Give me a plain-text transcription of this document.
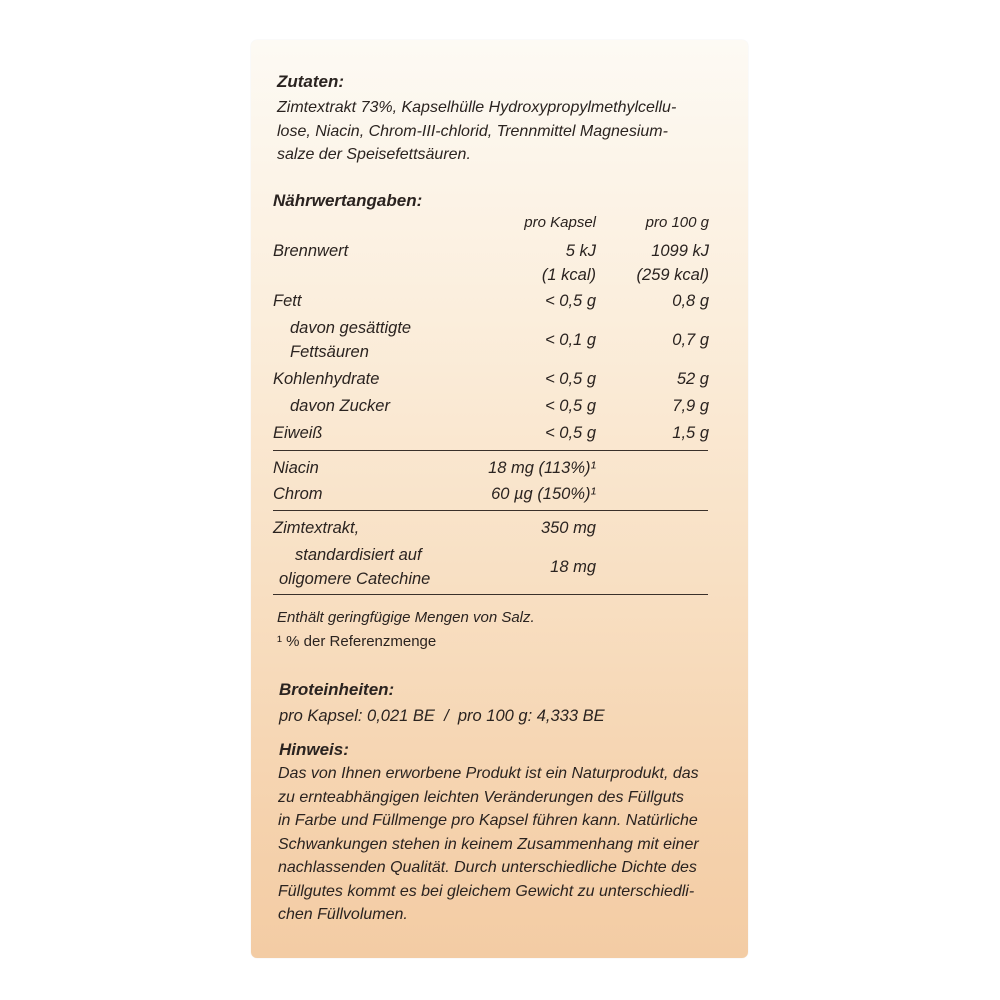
Zutaten:
Zimtextrakt 73%, Kapselhülle Hydroxypropylmethylcellu-
lose, Niacin, Chrom-III-chlorid, Trennmittel Magnesium-
salze der Speisefettsäuren.
Nährwertangaben:
pro Kapsel	pro 100 g
Brennwert	5 kJ	1099 kJ
(1 kcal) (259 kcal)
Fett	< 0,5 g	0,8 g
davon gesättigte
Fettsäuren
< 0,1 g	0,7 g
Kohlenhydrate	< 0,5 g	52 g
davon Zucker	< 0,5 g	7,9 g
Eiweiß	< 0,5 g	1,5 g
Niacin	18 mg (113%)¹
Chrom	60 µg (150%)¹
Zimtextrakt,	350 mg
standardisiert auf
oligomere Catechine
18 mg
Enthält geringfügige Mengen von Salz.
¹ % der Referenzmenge
Broteinheiten:
pro Kapsel: 0,021 BE  /  pro 100 g: 4,333 BE
Hinweis:
Das von Ihnen erworbene Produkt ist ein Naturprodukt, das
zu ernteabhängigen leichten Veränderungen des Füllguts
in Farbe und Füllmenge pro Kapsel führen kann. Natürliche
Schwankungen stehen in keinem Zusammenhang mit einer
nachlassenden Qualität. Durch unterschiedliche Dichte des
Füllgutes kommt es bei gleichem Gewicht zu unterschiedli-
chen Füllvolumen.
